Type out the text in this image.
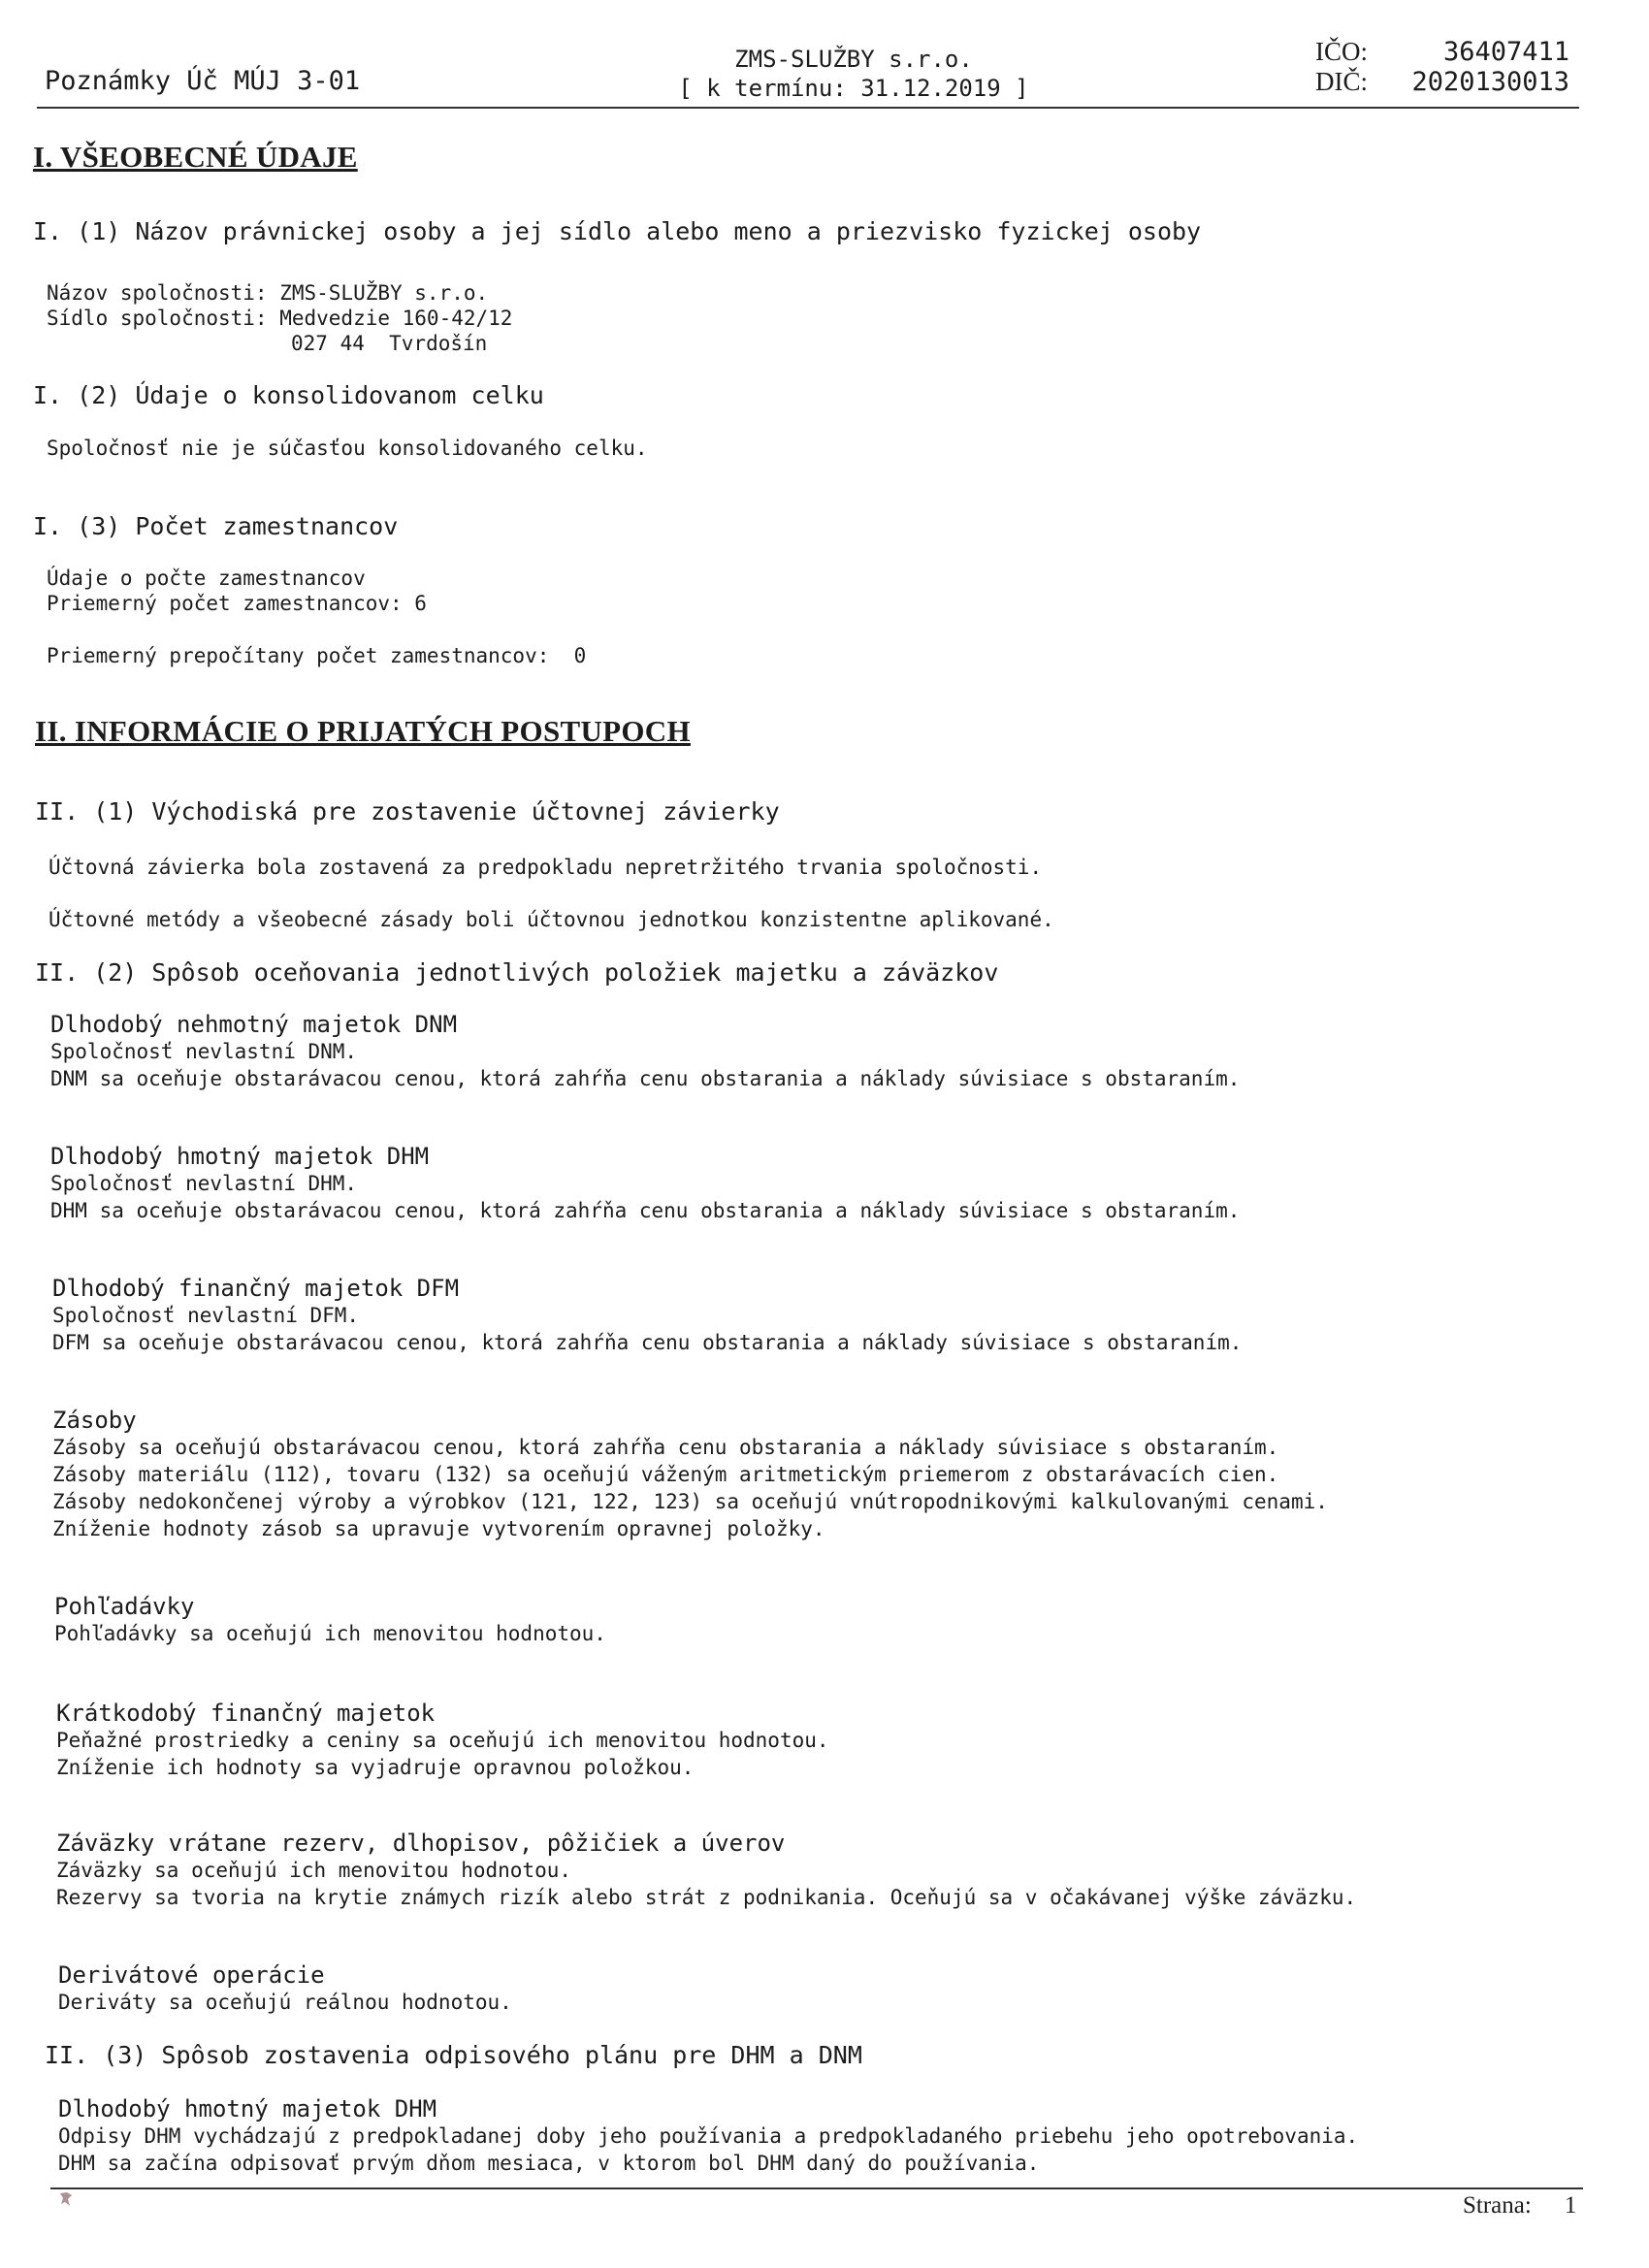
Poznámky Úč MÚJ 3-01
ZMS-SLUŽBY s.r.o.
[ k termínu: 31.12.2019 ]
IČO:	36407411
DIČ: 2020130013
I. VŠEOBECNÉ ÚDAJE
I. (1) Názov právnickej osoby a jej sídlo alebo meno a priezvisko fyzickej osoby
Názov spoločnosti: ZMS-SLUŽBY s.r.o.
Sídlo spoločnosti: Medvedzie 160-42/12
027 44  Tvrdošín
I. (2) Údaje o konsolidovanom celku
Spoločnosť nie je súčasťou konsolidovaného celku.
I. (3) Počet zamestnancov
Údaje o počte zamestnancov
Priemerný počet zamestnancov: 6
Priemerný prepočítany počet zamestnancov:  0
II. INFORMÁCIE O PRIJATÝCH POSTUPOCH
II. (1) Východiská pre zostavenie účtovnej závierky
Účtovná závierka bola zostavená za predpokladu nepretržitého trvania spoločnosti.
Účtovné metódy a všeobecné zásady boli účtovnou jednotkou konzistentne aplikované.
II. (2) Spôsob oceňovania jednotlivých položiek majetku a záväzkov
Dlhodobý nehmotný majetok DNM
Spoločnosť nevlastní DNM.
DNM sa oceňuje obstarávacou cenou, ktorá zahŕňa cenu obstarania a náklady súvisiace s obstaraním.
Dlhodobý hmotný majetok DHM
Spoločnosť nevlastní DHM.
DHM sa oceňuje obstarávacou cenou, ktorá zahŕňa cenu obstarania a náklady súvisiace s obstaraním.
Dlhodobý finančný majetok DFM
Spoločnosť nevlastní DFM.
DFM sa oceňuje obstarávacou cenou, ktorá zahŕňa cenu obstarania a náklady súvisiace s obstaraním.
Zásoby
Zásoby sa oceňujú obstarávacou cenou, ktorá zahŕňa cenu obstarania a náklady súvisiace s obstaraním.
Zásoby materiálu (112), tovaru (132) sa oceňujú váženým aritmetickým priemerom z obstarávacích cien.
Zásoby nedokončenej výroby a výrobkov (121, 122, 123) sa oceňujú vnútropodnikovými kalkulovanými cenami.
Zníženie hodnoty zásob sa upravuje vytvorením opravnej položky.
Pohľadávky
Pohľadávky sa oceňujú ich menovitou hodnotou.
Krátkodobý finančný majetok
Peňažné prostriedky a ceniny sa oceňujú ich menovitou hodnotou.
Zníženie ich hodnoty sa vyjadruje opravnou položkou.
Záväzky vrátane rezerv, dlhopisov, pôžičiek a úverov
Záväzky sa oceňujú ich menovitou hodnotou.
Rezervy sa tvoria na krytie známych rizík alebo strát z podnikania. Oceňujú sa v očakávanej výške záväzku.
Derivátové operácie
Deriváty sa oceňujú reálnou hodnotou.
II. (3) Spôsob zostavenia odpisového plánu pre DHM a DNM
Dlhodobý hmotný majetok DHM
Odpisy DHM vychádzajú z predpokladanej doby jeho používania a predpokladaného priebehu jeho opotrebovania.
DHM sa začína odpisovať prvým dňom mesiaca, v ktorom bol DHM daný do používania.
Strana: 1
